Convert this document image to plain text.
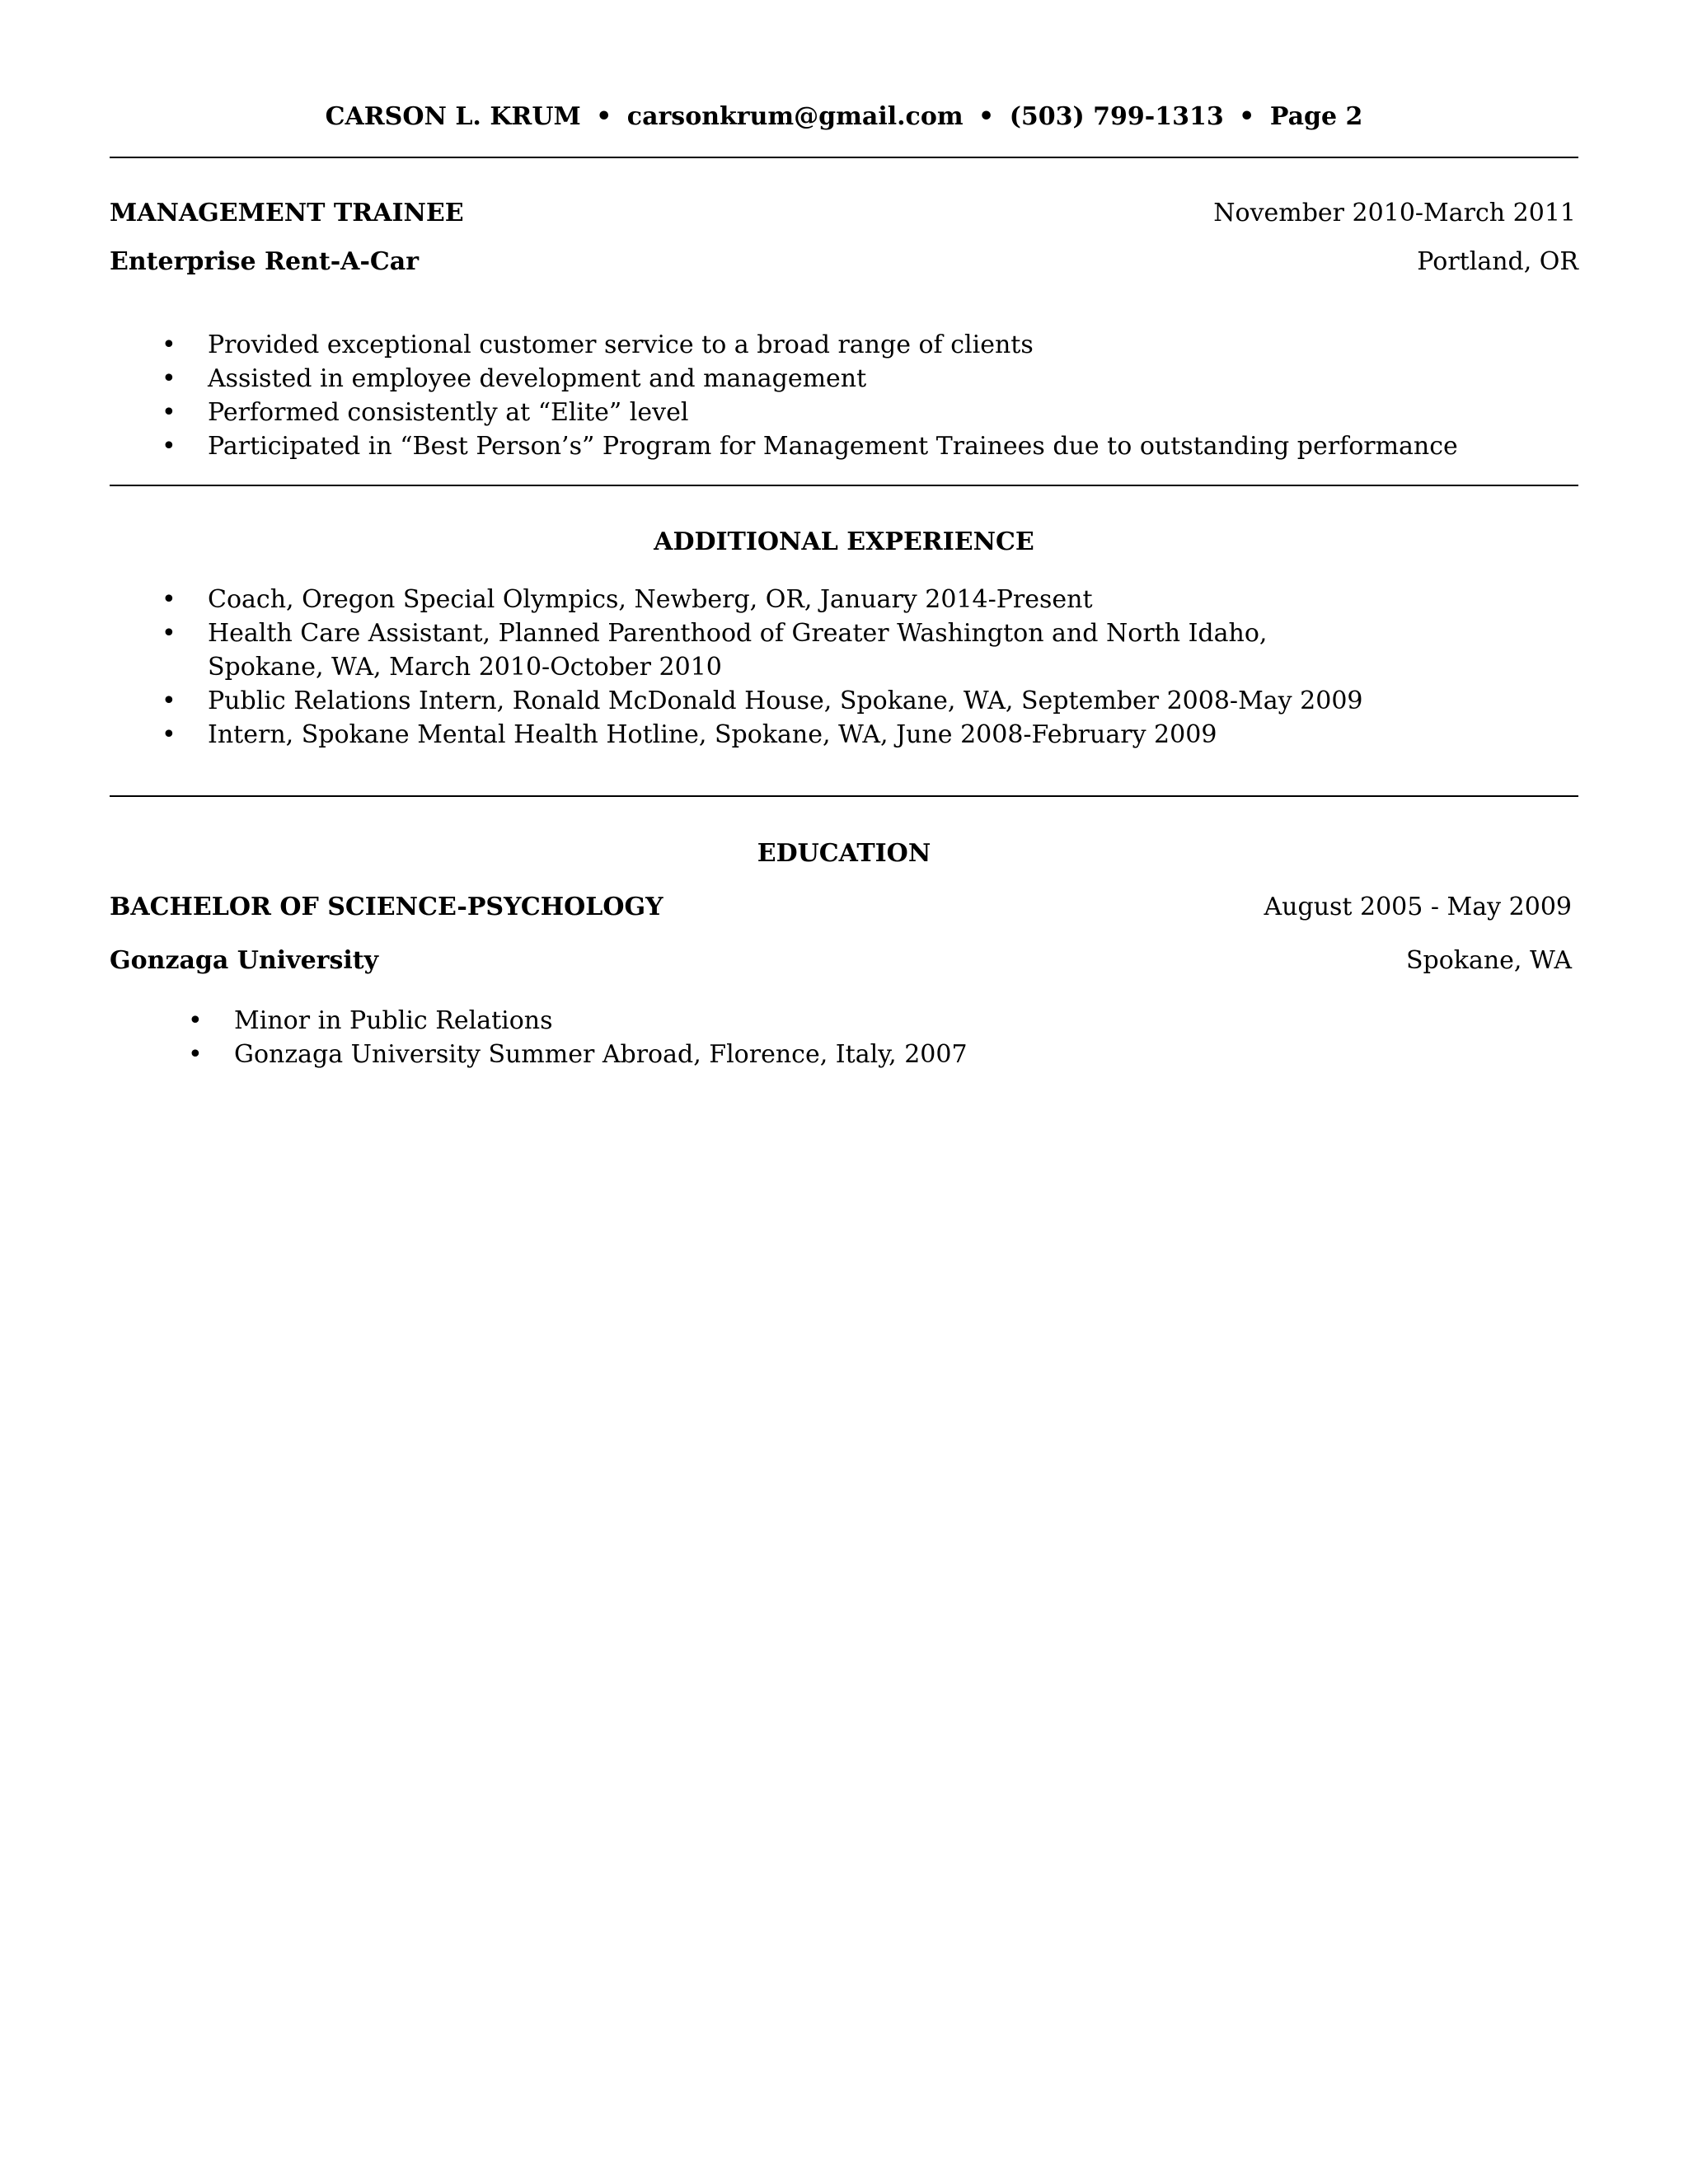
CARSON L. KRUM • carsonkrum@gmail.com • (503) 799-1313 • Page 2
MANAGEMENT TRAINEE	November 2010-March 2011
Enterprise Rent-A-Car	Portland, OR
• Provided exceptional customer service to a broad range of clients
• Assisted in employee development and management
• Performed consistently at “Elite” level
• Participated in “Best Person’s” Program for Management Trainees due to outstanding performance
ADDITIONAL EXPERIENCE
• Coach, Oregon Special Olympics, Newberg, OR, January 2014-Present
• Health Care Assistant, Planned Parenthood of Greater Washington and North Idaho,
Spokane, WA, March 2010-October 2010
• Public Relations Intern, Ronald McDonald House, Spokane, WA, September 2008-May 2009
• Intern, Spokane Mental Health Hotline, Spokane, WA, June 2008-February 2009
EDUCATION
BACHELOR OF SCIENCE-PSYCHOLOGY	August 2005 - May 2009
Gonzaga University	Spokane, WA
• Minor in Public Relations
• Gonzaga University Summer Abroad, Florence, Italy, 2007
